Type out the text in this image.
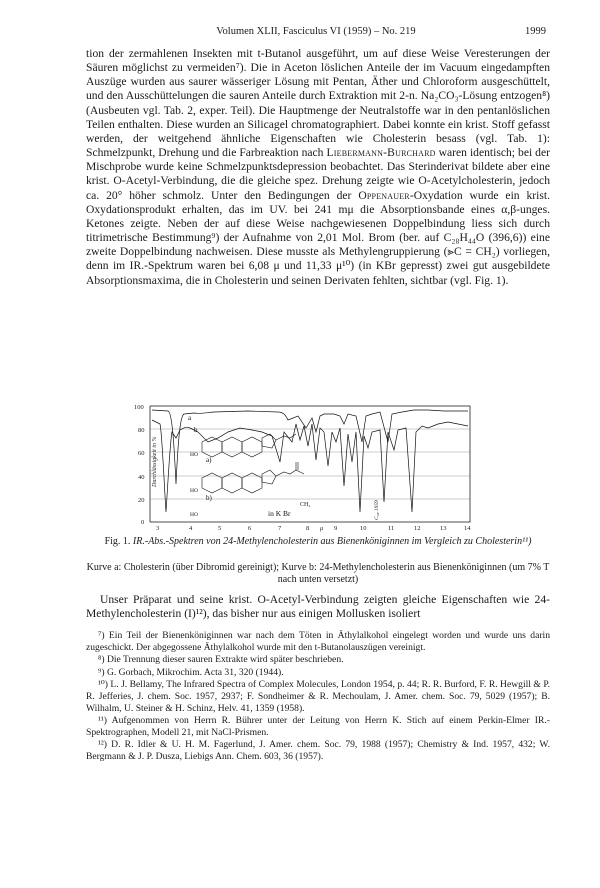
Volumen XLII, Fasciculus VI (1959) – No. 219	1999

tion der zermahlenen Insekten mit t-Butanol ausgeführt, um auf diese Weise Veresterungen der Säuren möglichst zu vermeiden⁷). Die in Aceton löslichen Anteile der im Vacuum eingedampften Auszüge wurden aus saurer wässeriger Lösung mit Pentan, Äther und Chloroform ausgeschüttelt, und den Ausschüttelungen die sauren Anteile durch Extraktion mit 2-n. Na₂CO₃-Lösung entzogen⁸) (Ausbeuten vgl. Tab. 2, exper. Teil). Die Hauptmenge der Neutralstoffe war in den pentanlöslichen Teilen enthalten. Diese wurden an Silicagel chromatographiert. Dabei konnte ein krist. Stoff gefasst werden, der weitgehend ähnliche Eigenschaften wie Cholesterin besass (vgl. Tab. 1): Schmelzpunkt, Drehung und die Farbreaktion nach Liebermann-Burchard waren identisch; bei der Mischprobe wurde keine Schmelzpunktsdepression beobachtet. Das Sterinderivat bildete aber eine krist. O-Acetyl-Verbindung, die die gleiche spez. Drehung zeigte wie O-Acetylcholesterin, jedoch ca. 20° höher schmolz. Unter den Bedingungen der Oppenauer-Oxydation wurde ein krist. Oxydationsprodukt erhalten, das im UV. bei 241 mμ die Absorptionsbande eines α,β-unges. Ketones zeigte. Neben der auf diese Weise nachgewiesenen Doppelbindung liess sich durch titrimetrische Bestimmung⁹) der Aufnahme von 2,01 Mol. Brom (ber. auf C₂₈H₄₄O (396,6)) eine zweite Doppelbindung nachweisen. Diese musste als Methylengruppierung (⪢C = CH₂) vorliegen, denn im IR.-Spektrum waren bei 6,08 μ und 11,33 μ¹⁰) (in KBr gepresst) zwei gut ausgebildete Absorptionsmaxima, die in Cholesterin und seinen Derivaten fehlten, sichtbar (vgl. Fig. 1).

100
80
60
40
20
0
Durchlässigkeit in %
3	4	5	6	7	8 μ 9	10	11	12	13	14
a
b
a)
b)
HO
HO
HO
CH₂
in K Br	C₂₈ 1959
Fig. 1. IR.-Abs.-Spektren von 24-Methylencholesterin aus Bienenköniginnen im Vergleich zu Cholesterin¹¹)
Kurve a: Cholesterin (über Dibromid gereinigt); Kurve b: 24-Methylencholesterin aus Bienenköniginnen (um 7% T nach unten versetzt)

Unser Präparat und seine krist. O-Acetyl-Verbindung zeigten gleiche Eigenschaften wie 24-Methylencholesterin (I)¹²), das bisher nur aus einigen Mollusken isoliert

⁷) Ein Teil der Bienenköniginnen war nach dem Töten in Äthylalkohol eingelegt worden und wurde uns darin zugeschickt. Der abgegossene Äthylalkohol wurde mit den t-Butanolauszügen vereinigt.

⁸) Die Trennung dieser sauren Extrakte wird später beschrieben.

⁹) G. Gorbach, Mikrochim. Acta 31, 320 (1944).

¹⁰) L. J. Bellamy, The Infrared Spectra of Complex Molecules, London 1954, p. 44; R. R. Burford, F. R. Hewgill & P. R. Jefferies, J. chem. Soc. 1957, 2937; F. Sondheimer & R. Mechoulam, J. Amer. chem. Soc. 79, 5029 (1957); B. Wilhalm, U. Steiner & H. Schinz, Helv. 41, 1359 (1958).

¹¹) Aufgenommen von Herrn R. Bührer unter der Leitung von Herrn K. Stich auf einem Perkin-Elmer IR.-Spektrographen, Modell 21, mit NaCl-Prismen.

¹²) D. R. Idler & U. H. M. Fagerlund, J. Amer. chem. Soc. 79, 1988 (1957); Chemistry & Ind. 1957, 432; W. Bergmann & J. P. Dusza, Liebigs Ann. Chem. 603, 36 (1957).
